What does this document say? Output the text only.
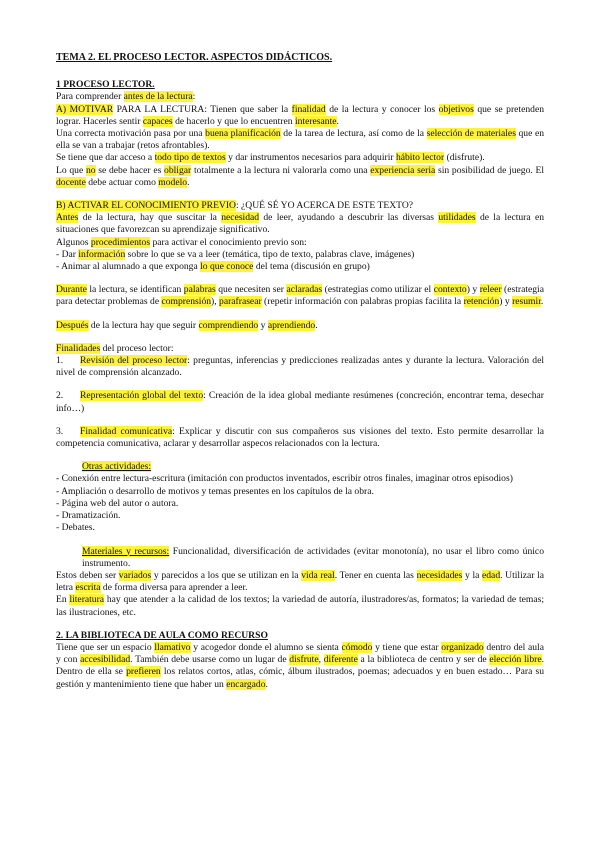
TEMA 2. EL PROCESO LECTOR. ASPECTOS DIDÁCTICOS.
1 PROCESO LECTOR.
Para comprender antes de la lectura:
A) MOTIVAR PARA LA LECTURA: Tienen que saber la finalidad de la lectura y conocer los objetivos que se pretenden lograr. Hacerles sentir capaces de hacerlo y que lo encuentren interesante.
Una correcta motivación pasa por una buena planificación de la tarea de lectura, así como de la selección de materiales que en ella se van a trabajar (retos afrontables).
Se tiene que dar acceso a todo tipo de textos y dar instrumentos necesarios para adquirir hábito lector (disfrute).
Lo que no se debe hacer es obligar totalmente a la lectura ni valorarla como una experiencia seria sin posibilidad de juego. El docente debe actuar como modelo.
B) ACTIVAR EL CONOCIMIENTO PREVIO: ¿QUÉ SÉ YO ACERCA DE ESTE TEXTO?
Antes de la lectura, hay que suscitar la necesidad de leer, ayudando a descubrir las diversas utilidades de la lectura en situaciones que favorezcan su aprendizaje significativo.
Algunos procedimientos para activar el conocimiento previo son:
- Dar información sobre lo que se va a leer (temática, tipo de texto, palabras clave, imágenes)
- Animar al alumnado a que exponga lo que conoce del tema (discusión en grupo)
Durante la lectura, se identifican palabras que necesiten ser aclaradas (estrategias como utilizar el contexto) y releer (estrategia para detectar problemas de comprensión), parafrasear (repetir información con palabras propias facilita la retención) y resumir.
Después de la lectura hay que seguir comprendiendo y aprendiendo.
Finalidades del proceso lector:
1. Revisión del proceso lector: preguntas, inferencias y predicciones realizadas antes y durante la lectura. Valoración del nivel de comprensión alcanzado.
2. Representación global del texto: Creación de la idea global mediante resúmenes (concreción, encontrar tema, desechar info…)
3. Finalidad comunicativa: Explicar y discutir con sus compañeros sus visiones del texto. Esto permite desarrollar la competencia comunicativa, aclarar y desarrollar aspecos relacionados con la lectura.
Otras actividades:
- Conexión entre lectura-escritura (imitación con productos inventados, escribir otros finales, imaginar otros episodios)
- Ampliación o desarrollo de motivos y temas presentes en los capítulos de la obra.
- Página web del autor o autora.
- Dramatización.
- Debates.
Materiales y recursos: Funcionalidad, diversificación de actividades (evitar monotonía), no usar el libro como único instrumento.
Estos deben ser variados y parecidos a los que se utilizan en la vida real. Tener en cuenta las necesidades y la edad. Utilizar la letra escrita de forma diversa para aprender a leer.
En literatura hay que atender a la calidad de los textos; la variedad de autoría, ilustradores/as, formatos; la variedad de temas; las ilustraciones, etc.
2. LA BIBLIOTECA DE AULA COMO RECURSO
Tiene que ser un espacio llamativo y acogedor donde el alumno se sienta cómodo y tiene que estar organizado dentro del aula y con accesibilidad. También debe usarse como un lugar de disfrute, diferente a la biblioteca de centro y ser de elección libre. Dentro de ella se prefieren los relatos cortos, atlas, cómic, álbum ilustrados, poemas; adecuados y en buen estado… Para su gestión y mantenimiento tiene que haber un encargado.
